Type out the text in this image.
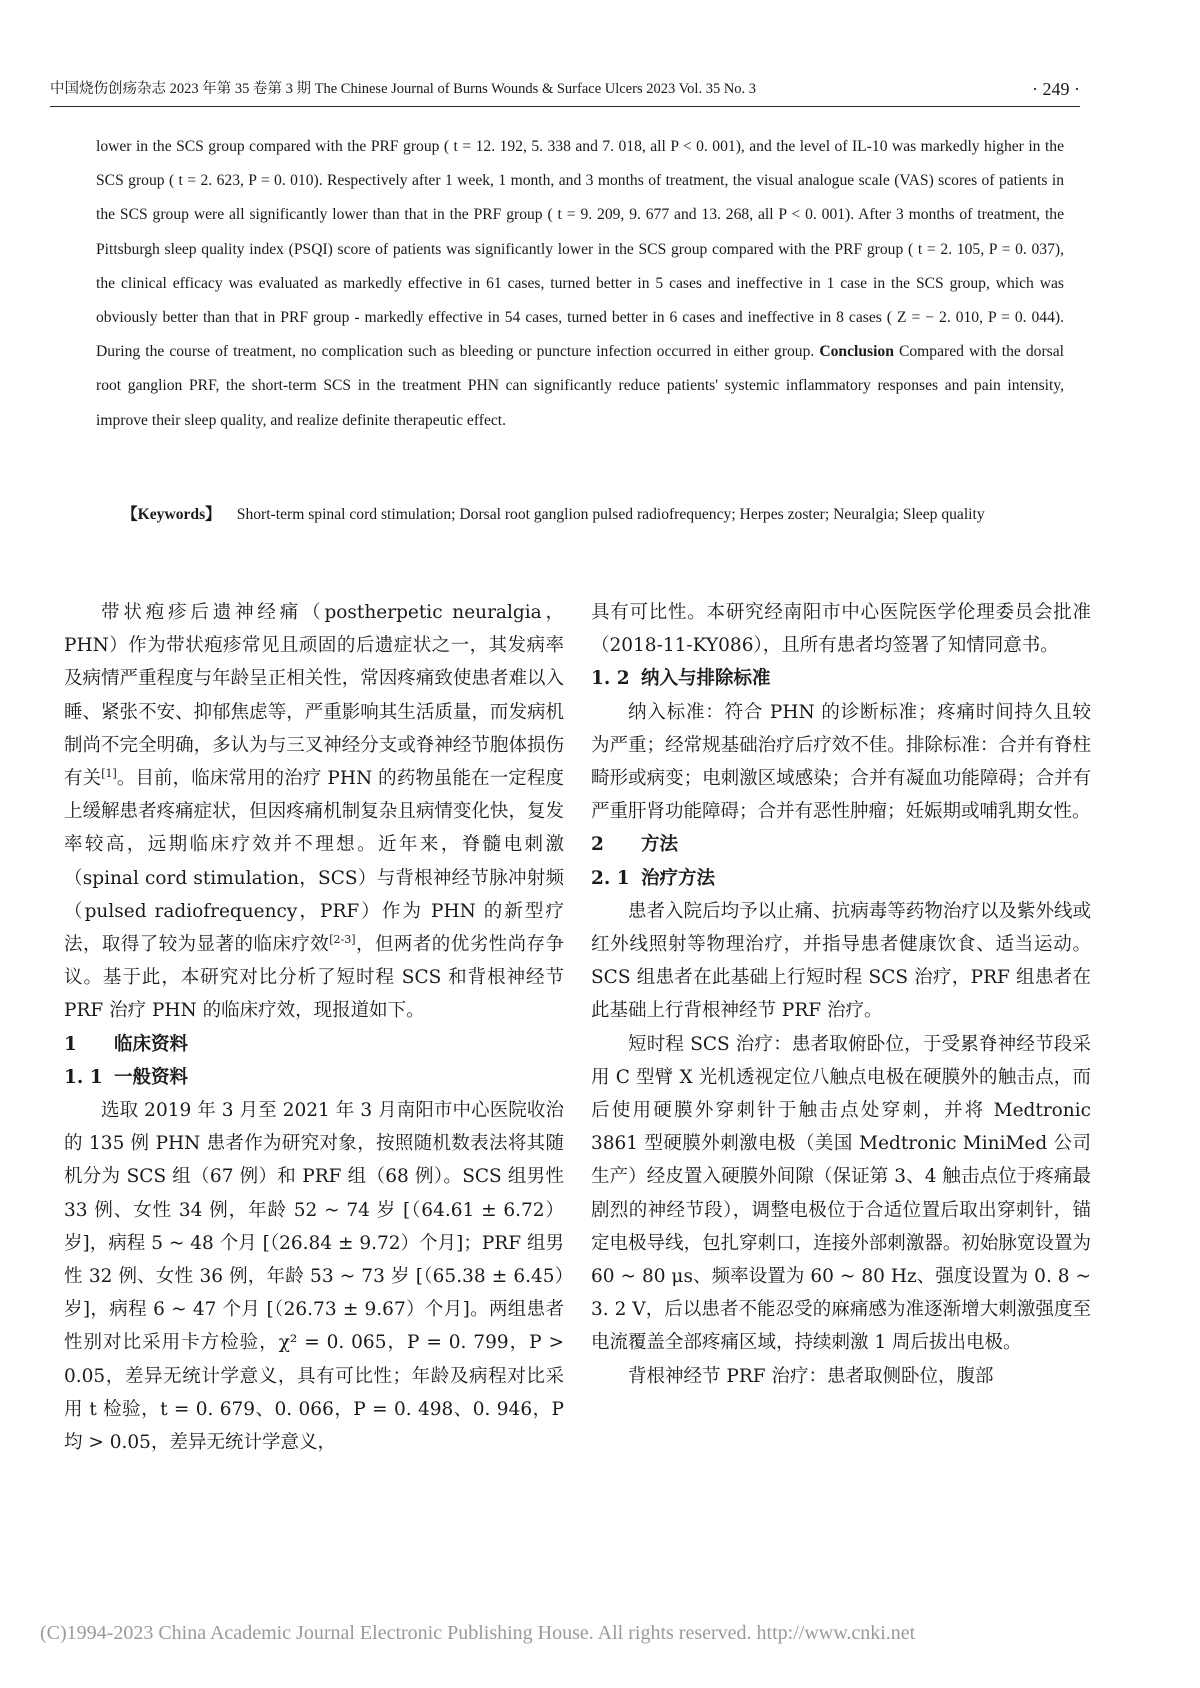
中国烧伤创疡杂志 2023 年第 35 卷第 3 期 The Chinese Journal of Burns Wounds & Surface Ulcers 2023 Vol. 35 No. 3	· 249 ·

lower in the SCS group compared with the PRF group ( t = 12. 192, 5. 338 and 7. 018, all P < 0. 001), and the level of IL-10 was markedly higher in the SCS group ( t = 2. 623, P = 0. 010). Respectively after 1 week, 1 month, and 3 months of treatment, the visual analogue scale (VAS) scores of patients in the SCS group were all significantly lower than that in the PRF group ( t = 9. 209, 9. 677 and 13. 268, all P < 0. 001). After 3 months of treatment, the Pittsburgh sleep quality index (PSQI) score of patients was significantly lower in the SCS group compared with the PRF group ( t = 2. 105, P = 0. 037), the clinical efficacy was evaluated as markedly effective in 61 cases, turned better in 5 cases and ineffective in 1 case in the SCS group, which was obviously better than that in PRF group - markedly effective in 54 cases, turned better in 6 cases and ineffective in 8 cases ( Z = − 2. 010, P = 0. 044). During the course of treatment, no complication such as bleeding or puncture infection occurred in either group. Conclusion Compared with the dorsal root ganglion PRF, the short-term SCS in the treatment PHN can significantly reduce patients' systemic inflammatory responses and pain intensity, improve their sleep quality, and realize definite therapeutic effect.

【Keywords】 Short-term spinal cord stimulation; Dorsal root ganglion pulsed radiofrequency; Herpes zoster; Neuralgia; Sleep quality

带状疱疹后遗神经痛（postherpetic neuralgia，PHN）作为带状疱疹常见且顽固的后遗症状之一，其发病率及病情严重程度与年龄呈正相关性，常因疼痛致使患者难以入睡、紧张不安、抑郁焦虑等，严重影响其生活质量，而发病机制尚不完全明确，多认为与三叉神经分支或脊神经节胞体损伤有关[1]。目前，临床常用的治疗 PHN 的药物虽能在一定程度上缓解患者疼痛症状，但因疼痛机制复杂且病情变化快，复发率较高，远期临床疗效并不理想。近年来，脊髓电刺激（spinal cord stimulation，SCS）与背根神经节脉冲射频（pulsed radiofrequency，PRF）作为 PHN 的新型疗法，取得了较为显著的临床疗效[2-3]，但两者的优劣性尚存争议。基于此，本研究对比分析了短时程 SCS 和背根神经节 PRF 治疗 PHN 的临床疗效，现报道如下。

1 临床资料
1. 1 一般资料

选取 2019 年 3 月至 2021 年 3 月南阳市中心医院收治的 135 例 PHN 患者作为研究对象，按照随机数表法将其随机分为 SCS 组（67 例）和 PRF 组（68 例）。SCS 组男性 33 例、女性 34 例，年龄 52 ~ 74 岁 [（64.61 ± 6.72）岁]，病程 5 ~ 48 个月 [（26.84 ± 9.72）个月]；PRF 组男性 32 例、女性 36 例，年龄 53 ~ 73 岁 [（65.38 ± 6.45）岁]，病程 6 ~ 47 个月 [（26.73 ± 9.67）个月]。两组患者性别对比采用卡方检验，χ² = 0. 065，P = 0. 799，P > 0.05，差异无统计学意义，具有可比性；年龄及病程对比采用 t 检验，t = 0. 679、0. 066，P = 0. 498、0. 946，P 均 > 0.05，差异无统计学意义，

具有可比性。本研究经南阳市中心医院医学伦理委员会批准（2018-11-KY086），且所有患者均签署了知情同意书。

1. 2 纳入与排除标准

纳入标准：符合 PHN 的诊断标准；疼痛时间持久且较为严重；经常规基础治疗后疗效不佳。排除标准：合并有脊柱畸形或病变；电刺激区域感染；合并有凝血功能障碍；合并有严重肝肾功能障碍；合并有恶性肿瘤；妊娠期或哺乳期女性。

2 方法
2. 1 治疗方法

患者入院后均予以止痛、抗病毒等药物治疗以及紫外线或红外线照射等物理治疗，并指导患者健康饮食、适当运动。SCS 组患者在此基础上行短时程 SCS 治疗，PRF 组患者在此基础上行背根神经节 PRF 治疗。

短时程 SCS 治疗：患者取俯卧位，于受累脊神经节段采用 C 型臂 X 光机透视定位八触点电极在硬膜外的触击点，而后使用硬膜外穿刺针于触击点处穿刺，并将 Medtronic 3861 型硬膜外刺激电极（美国 Medtronic MiniMed 公司生产）经皮置入硬膜外间隙（保证第 3、4 触击点位于疼痛最剧烈的神经节段），调整电极位于合适位置后取出穿刺针，锚定电极导线，包扎穿刺口，连接外部刺激器。初始脉宽设置为 60 ~ 80 μs、频率设置为 60 ~ 80 Hz、强度设置为 0. 8 ~ 3. 2 V，后以患者不能忍受的麻痛感为准逐渐增大刺激强度至电流覆盖全部疼痛区域，持续刺激 1 周后拔出电极。

背根神经节 PRF 治疗：患者取侧卧位，腹部

(C)1994-2023 China Academic Journal Electronic Publishing House. All rights reserved. http://www.cnki.net
